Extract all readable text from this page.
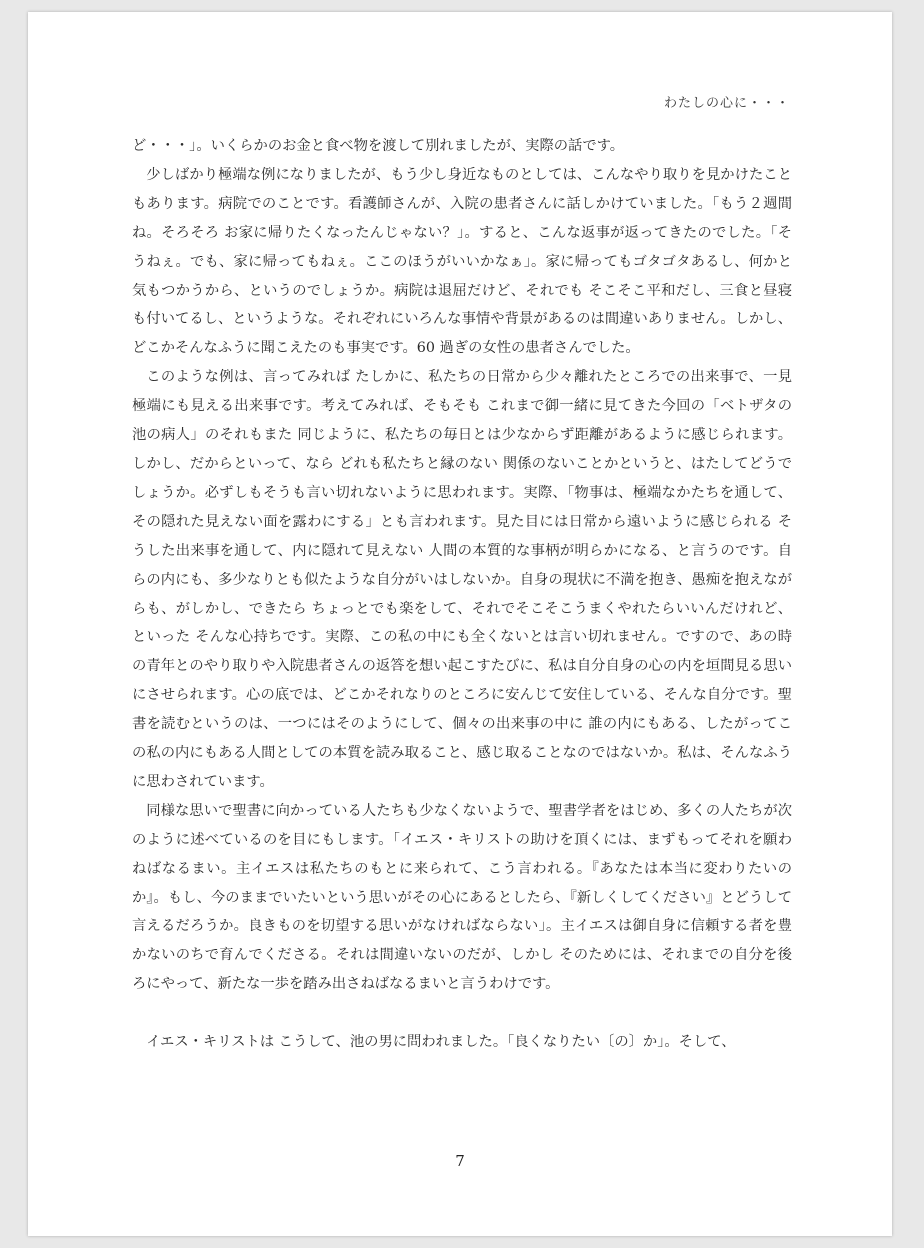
わたしの心に・・・

ど・・・」。いくらかのお金と食べ物を渡して別れましたが、実際の話です。

少しばかり極端な例になりましたが、もう少し身近なものとしては、こんなやり取りを見かけたこともあります。病院でのことです。看護師さんが、入院の患者さんに話しかけていました。「もう２週間ね。そろそろ お家に帰りたくなったんじゃない？」。すると、こんな返事が返ってきたのでした。「そうねぇ。でも、家に帰ってもねぇ。ここのほうがいいかなぁ」。家に帰ってもゴタゴタあるし、何かと気もつかうから、というのでしょうか。病院は退屈だけど、それでも そこそこ平和だし、三食と昼寝も付いてるし、というような。それぞれにいろんな事情や背景があるのは間違いありません。しかし、どこかそんなふうに聞こえたのも事実です。60 過ぎの女性の患者さんでした。

このような例は、言ってみれば たしかに、私たちの日常から少々離れたところでの出来事で、一見 極端にも見える出来事です。考えてみれば、そもそも これまで御一緒に見てきた今回の「ベトザタの池の病人」のそれもまた 同じように、私たちの毎日とは少なからず距離があるように感じられます。しかし、だからといって、なら どれも私たちと縁のない 関係のないことかというと、はたしてどうでしょうか。必ずしもそうも言い切れないように思われます。実際、「物事は、極端なかたちを通して、その隠れた見えない面を露わにする」とも言われます。見た目には日常から遠いように感じられる そうした出来事を通して、内に隠れて見えない 人間の本質的な事柄が明らかになる、と言うのです。自らの内にも、多少なりとも似たような自分がいはしないか。自身の現状に不満を抱き、愚痴を抱えながらも、がしかし、できたら ちょっとでも楽をして、それでそこそこうまくやれたらいいんだけれど、といった そんな心持ちです。実際、この私の中にも全くないとは言い切れません。ですので、あの時の青年とのやり取りや入院患者さんの返答を想い起こすたびに、私は自分自身の心の内を垣間見る思いにさせられます。心の底では、どこかそれなりのところに安んじて安住している、そんな自分です。聖書を読むというのは、一つにはそのようにして、個々の出来事の中に 誰の内にもある、したがってこの私の内にもある人間としての本質を読み取ること、感じ取ることなのではないか。私は、そんなふうに思わされています。

同様な思いで聖書に向かっている人たちも少なくないようで、聖書学者をはじめ、多くの人たちが次のように述べているのを目にもします。「イエス・キリストの助けを頂くには、まずもってそれを願わねばなるまい。主イエスは私たちのもとに来られて、こう言われる。『あなたは本当に変わりたいのか』。もし、今のままでいたいという思いがその心にあるとしたら、『新しくしてください』とどうして言えるだろうか。良きものを切望する思いがなければならない」。主イエスは御自身に信頼する者を豊かないのちで育んでくださる。それは間違いないのだが、しかし そのためには、それまでの自分を後ろにやって、新たな一歩を踏み出さねばなるまいと言うわけです。

イエス・キリストは こうして、池の男に問われました。「良くなりたい〔の〕か」。そして、

7
